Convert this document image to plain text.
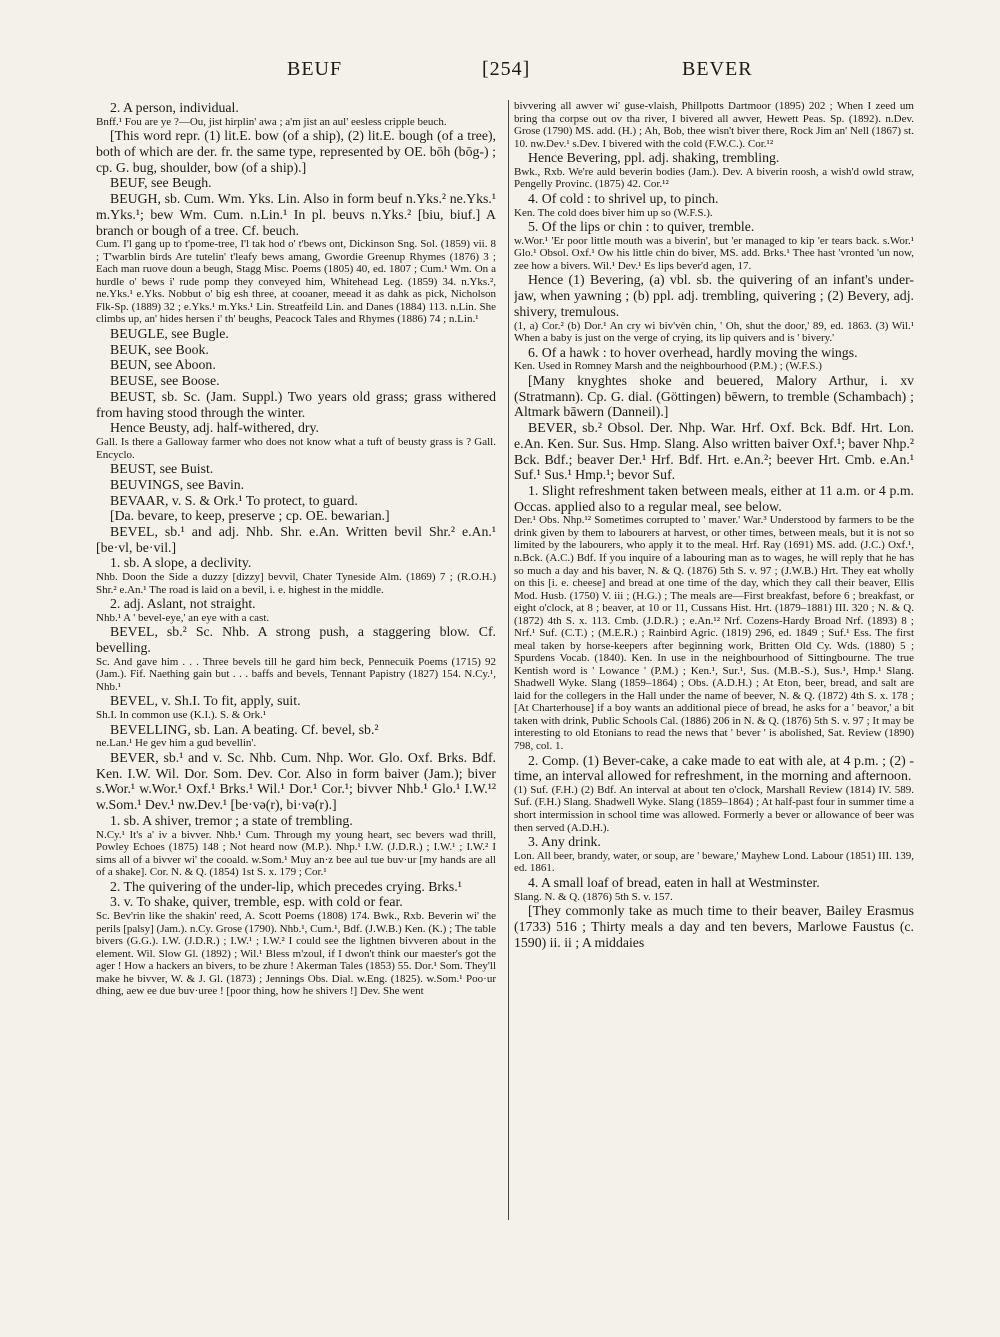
BEUF	[254]	BEVER

2. A person, individual.

Bnff.¹ Fou are ye ?—Ou, jist hirplin' awa ; a'm jist an aul' eesless cripple beuch.

[This word repr. (1) lit.E. bow (of a ship), (2) lit.E. bough (of a tree), both of which are der. fr. the same type, represented by OE. bōh (bōg-) ; cp. G. bug, shoulder, bow (of a ship).]

BEUF, see Beugh.

BEUGH, sb. Cum. Wm. Yks. Lin. Also in form beuf n.Yks.² ne.Yks.¹ m.Yks.¹; bew Wm. Cum. n.Lin.¹ In pl. beuvs n.Yks.² [biu, biuf.] A branch or bough of a tree. Cf. beuch.

Cum. I'l gang up to t'pome-tree, I'l tak hod o' t'bews ont, Dickinson Sng. Sol. (1859) vii. 8 ; T'warblin birds Are tutelin' t'leafy bews amang, Gwordie Greenup Rhymes (1876) 3 ; Each man ruove doun a beugh, Stagg Misc. Poems (1805) 40, ed. 1807 ; Cum.¹ Wm. On a hurdle o' bews i' rude pomp they conveyed him, Whitehead Leg. (1859) 34. n.Yks.², ne.Yks.¹ e.Yks. Nobbut o' big esh three, at cooaner, meead it as dahk as pick, Nicholson Flk-Sp. (1889) 32 ; e.Yks.¹ m.Yks.¹ Lin. Streatfeild Lin. and Danes (1884) 113. n.Lin. She climbs up, an' hides hersen i' th' beughs, Peacock Tales and Rhymes (1886) 74 ; n.Lin.¹

BEUGLE, see Bugle.

BEUK, see Book.

BEUN, see Aboon.

BEUSE, see Boose.

BEUST, sb. Sc. (Jam. Suppl.) Two years old grass; grass withered from having stood through the winter.

Hence Beusty, adj. half-withered, dry.

Gall. Is there a Galloway farmer who does not know what a tuft of beusty grass is ? Gall. Encyclo.

BEUST, see Buist.

BEUVINGS, see Bavin.

BEVAAR, v. S. & Ork.¹ To protect, to guard.

[Da. bevare, to keep, preserve ; cp. OE. bewarian.]

BEVEL, sb.¹ and adj. Nhb. Shr. e.An. Written bevil Shr.² e.An.¹ [be·vl, be·vil.]

1. sb. A slope, a declivity.

Nhb. Doon the Side a duzzy [dizzy] bevvil, Chater Tyneside Alm. (1869) 7 ; (R.O.H.) Shr.² e.An.¹ The road is laid on a bevil, i. e. highest in the middle.

2. adj. Aslant, not straight.

Nhb.¹ A ' bevel-eye,' an eye with a cast.

BEVEL, sb.² Sc. Nhb. A strong push, a staggering blow. Cf. bevelling.

Sc. And gave him . . . Three bevels till he gard him beck, Pennecuik Poems (1715) 92 (Jam.). Fif. Naething gain but . . . baffs and bevels, Tennant Papistry (1827) 154. N.Cy.¹, Nhb.¹

BEVEL, v. Sh.I. To fit, apply, suit.

Sh.I. In common use (K.I.). S. & Ork.¹

BEVELLING, sb. Lan. A beating. Cf. bevel, sb.²

ne.Lan.¹ He gev him a gud bevellin'.

BEVER, sb.¹ and v. Sc. Nhb. Cum. Nhp. Wor. Glo. Oxf. Brks. Bdf. Ken. I.W. Wil. Dor. Som. Dev. Cor. Also in form baiver (Jam.); biver s.Wor.¹ w.Wor.¹ Oxf.¹ Brks.¹ Wil.¹ Dor.¹ Cor.¹; bivver Nhb.¹ Glo.¹ I.W.¹² w.Som.¹ Dev.¹ nw.Dev.¹ [be·və(r), bi·və(r).]

1. sb. A shiver, tremor ; a state of trembling.

N.Cy.¹ It's a' iv a bivver. Nhb.¹ Cum. Through my young heart, sec bevers wad thrill, Powley Echoes (1875) 148 ; Not heard now (M.P.). Nhp.¹ I.W. (J.D.R.) ; I.W.¹ ; I.W.² I sims all of a bivver wi' the cooald. w.Som.¹ Muy an·z bee aul tue buv·ur [my hands are all of a shake]. Cor. N. & Q. (1854) 1st S. x. 179 ; Cor.¹

2. The quivering of the under-lip, which precedes crying. Brks.¹

3. v. To shake, quiver, tremble, esp. with cold or fear.

Sc. Bev'rin like the shakin' reed, A. Scott Poems (1808) 174. Bwk., Rxb. Beverin wi' the perils [palsy] (Jam.). n.Cy. Grose (1790). Nhb.¹, Cum.¹, Bdf. (J.W.B.) Ken. (K.) ; The table bivers (G.G.). I.W. (J.D.R.) ; I.W.¹ ; I.W.² I could see the lightnen bivveren about in the element. Wil. Slow Gl. (1892) ; Wil.¹ Bless m'zoul, if I dwon't think our maester's got the ager ! How a hackers an bivers, to be zhure ! Akerman Tales (1853) 55. Dor.¹ Som. They'll make he bivver, W. & J. Gl. (1873) ; Jennings Obs. Dial. w.Eng. (1825). w.Som.¹ Poo·ur dhing, aew ee due buv·uree ! [poor thing, how he shivers !] Dev. She went

bivvering all awver wi' guse-vlaish, Phillpotts Dartmoor (1895) 202 ; When I zeed um bring tha corpse out ov tha river, I bivered all awver, Hewett Peas. Sp. (1892). n.Dev. Grose (1790) MS. add. (H.) ; Ah, Bob, thee wisn't biver there, Rock Jim an' Nell (1867) st. 10. nw.Dev.¹ s.Dev. I bivered with the cold (F.W.C.). Cor.¹²

Hence Bevering, ppl. adj. shaking, trembling.

Bwk., Rxb. We're auld beverin bodies (Jam.). Dev. A biverin roosh, a wish'd owld straw, Pengelly Provinc. (1875) 42. Cor.¹²

4. Of cold : to shrivel up, to pinch.

Ken. The cold does biver him up so (W.F.S.).

5. Of the lips or chin : to quiver, tremble.

w.Wor.¹ 'Er poor little mouth was a biverin', but 'er managed to kip 'er tears back. s.Wor.¹ Glo.¹ Obsol. Oxf.¹ Ow his little chin do biver, MS. add. Brks.¹ Thee hast 'vronted 'un now, zee how a bivers. Wil.¹ Dev.¹ Es lips bever'd agen, 17.

Hence (1) Bevering, (a) vbl. sb. the quivering of an infant's under-jaw, when yawning ; (b) ppl. adj. trembling, quivering ; (2) Bevery, adj. shivery, tremulous.

(1, a) Cor.² (b) Dor.¹ An cry wi biv'vèn chin, ' Oh, shut the door,' 89, ed. 1863. (3) Wil.¹ When a baby is just on the verge of crying, its lip quivers and is ' bivery.'

6. Of a hawk : to hover overhead, hardly moving the wings.

Ken. Used in Romney Marsh and the neighbourhood (P.M.) ; (W.F.S.)

[Many knyghtes shoke and beuered, Malory Arthur, i. xv (Stratmann). Cp. G. dial. (Göttingen) bēwern, to tremble (Schambach) ; Altmark bāwern (Danneil).]

BEVER, sb.² Obsol. Der. Nhp. War. Hrf. Oxf. Bck. Bdf. Hrt. Lon. e.An. Ken. Sur. Sus. Hmp. Slang. Also written baiver Oxf.¹; baver Nhp.² Bck. Bdf.; beaver Der.¹ Hrf. Bdf. Hrt. e.An.²; beever Hrt. Cmb. e.An.¹ Suf.¹ Sus.¹ Hmp.¹; bevor Suf.

1. Slight refreshment taken between meals, either at 11 a.m. or 4 p.m. Occas. applied also to a regular meal, see below.

Der.¹ Obs. Nhp.¹² Sometimes corrupted to ' maver.' War.³ Understood by farmers to be the drink given by them to labourers at harvest, or other times, between meals, but it is not so limited by the labourers, who apply it to the meal. Hrf. Ray (1691) MS. add. (J.C.) Oxf.¹, n.Bck. (A.C.) Bdf. If you inquire of a labouring man as to wages, he will reply that he has so much a day and his baver, N. & Q. (1876) 5th S. v. 97 ; (J.W.B.) Hrt. They eat wholly on this [i. e. cheese] and bread at one time of the day, which they call their beaver, Ellis Mod. Husb. (1750) V. iii ; (H.G.) ; The meals are—First breakfast, before 6 ; breakfast, or eight o'clock, at 8 ; beaver, at 10 or 11, Cussans Hist. Hrt. (1879–1881) III. 320 ; N. & Q. (1872) 4th S. x. 113. Cmb. (J.D.R.) ; e.An.¹² Nrf. Cozens-Hardy Broad Nrf. (1893) 8 ; Nrf.¹ Suf. (C.T.) ; (M.E.R.) ; Rainbird Agric. (1819) 296, ed. 1849 ; Suf.¹ Ess. The first meal taken by horse-keepers after beginning work, Britten Old Cy. Wds. (1880) 5 ; Spurdens Vocab. (1840). Ken. In use in the neighbourhood of Sittingbourne. The true Kentish word is ' Lowance ' (P.M.) ; Ken.¹, Sur.¹, Sus. (M.B.-S.), Sus.¹, Hmp.¹ Slang. Shadwell Wyke. Slang (1859–1864) ; Obs. (A.D.H.) ; At Eton, beer, bread, and salt are laid for the collegers in the Hall under the name of beever, N. & Q. (1872) 4th S. x. 178 ; [At Charterhouse] if a boy wants an additional piece of bread, he asks for a ' beavor,' a bit taken with drink, Public Schools Cal. (1886) 206 in N. & Q. (1876) 5th S. v. 97 ; It may be interesting to old Etonians to read the news that ' bever ' is abolished, Sat. Review (1890) 798, col. 1.

2. Comp. (1) Bever-cake, a cake made to eat with ale, at 4 p.m. ; (2) -time, an interval allowed for refreshment, in the morning and afternoon.

(1) Suf. (F.H.) (2) Bdf. An interval at about ten o'clock, Marshall Review (1814) IV. 589. Suf. (F.H.) Slang. Shadwell Wyke. Slang (1859–1864) ; At half-past four in summer time a short intermission in school time was allowed. Formerly a bever or allowance of beer was then served (A.D.H.).

3. Any drink.

Lon. All beer, brandy, water, or soup, are ' beware,' Mayhew Lond. Labour (1851) III. 139, ed. 1861.

4. A small loaf of bread, eaten in hall at Westminster.

Slang. N. & Q. (1876) 5th S. v. 157.

[They commonly take as much time to their beaver, Bailey Erasmus (1733) 516 ; Thirty meals a day and ten bevers, Marlowe Faustus (c. 1590) ii. ii ; A middaies
